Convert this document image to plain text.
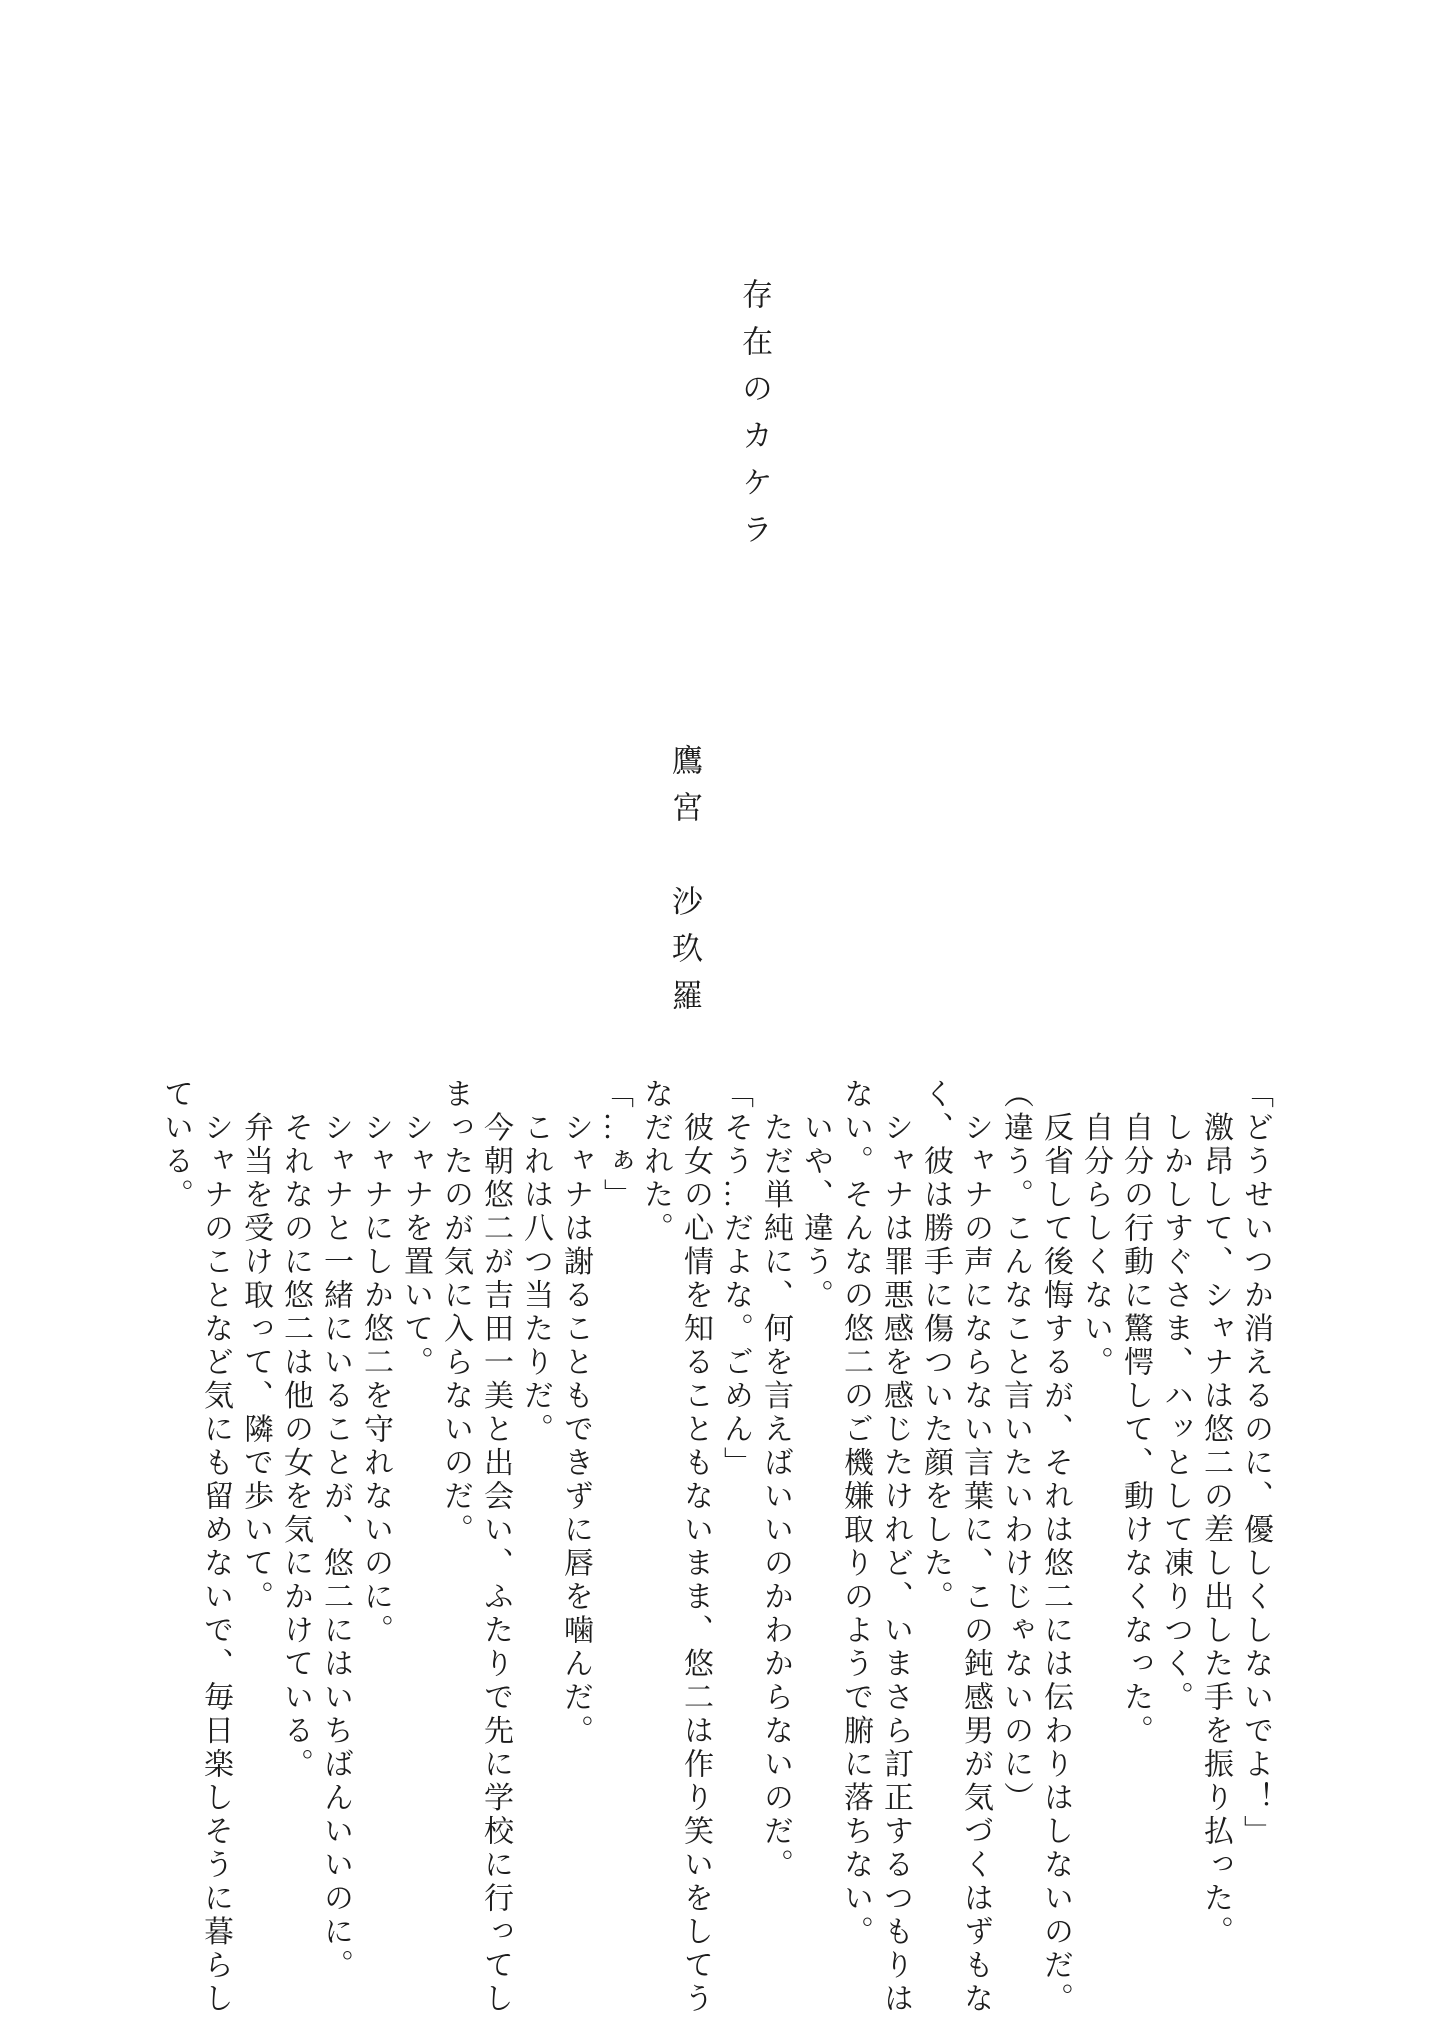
存在のカケラ
鷹宮　沙玖羅
「どうせいつか消えるのに、優しくしないでよ！」
　激昂して、シャナは悠二の差し出した手を振り払った。
　しかしすぐさま、ハッとして凍りつく。
　自分の行動に驚愕して、動けなくなった。
　自分らしくない。
　反省して後悔するが、それは悠二には伝わりはしないのだ。
（違う。こんなこと言いたいわけじゃないのに）
　シャナの声にならない言葉に、この鈍感男が気づくはずもな
く、彼は勝手に傷ついた顔をした。
　シャナは罪悪感を感じたけれど、いまさら訂正するつもりは
ない。そんなの悠二のご機嫌取りのようで腑に落ちない。
　いや、違う。
　ただ単純に、何を言えばいいのかわからないのだ。
「そう…だよな。ごめん」
　彼女の心情を知ることもないまま、悠二は作り笑いをしてう
なだれた。
「…ぁ」
　シャナは謝ることもできずに唇を噛んだ。
　これは八つ当たりだ。
　今朝悠二が吉田一美と出会い、ふたりで先に学校に行ってし
まったのが気に入らないのだ。
　シャナを置いて。
　シャナにしか悠二を守れないのに。
　シャナと一緒にいることが、悠二にはいちばんいいのに。
　それなのに悠二は他の女を気にかけている。
　弁当を受け取って、隣で歩いて。
　シャナのことなど気にも留めないで、毎日楽しそうに暮らし
ている。
